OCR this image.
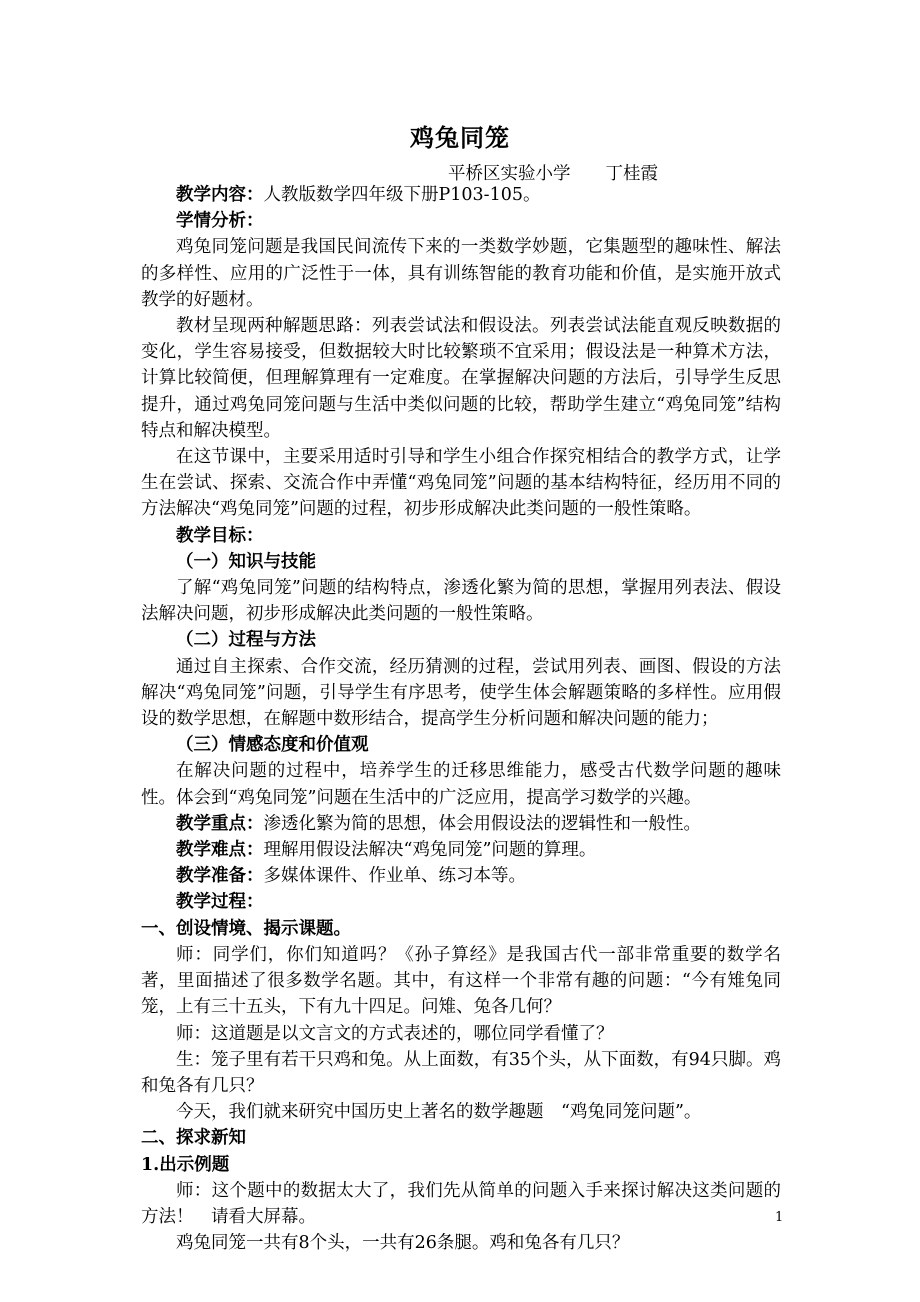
鸡兔同笼
平桥区实验小学　　丁桂霞

教学内容：人教版数学四年级下册P103-105。

学情分析：

鸡兔同笼问题是我国民间流传下来的一类数学妙题，它集题型的趣味性、解法的多样性、应用的广泛性于一体，具有训练智能的教育功能和价值，是实施开放式教学的好题材。

教材呈现两种解题思路：列表尝试法和假设法。列表尝试法能直观反映数据的变化，学生容易接受，但数据较大时比较繁琐不宜采用；假设法是一种算术方法，计算比较简便，但理解算理有一定难度。在掌握解决问题的方法后，引导学生反思提升，通过鸡兔同笼问题与生活中类似问题的比较，帮助学生建立“鸡兔同笼”结构特点和解决模型。

在这节课中，主要采用适时引导和学生小组合作探究相结合的教学方式，让学生在尝试、探索、交流合作中弄懂“鸡兔同笼”问题的基本结构特征，经历用不同的方法解决“鸡兔同笼”问题的过程，初步形成解决此类问题的一般性策略。

教学目标：

（一）知识与技能

了解“鸡兔同笼”问题的结构特点，渗透化繁为简的思想，掌握用列表法、假设法解决问题，初步形成解决此类问题的一般性策略。

（二）过程与方法

通过自主探索、合作交流，经历猜测的过程，尝试用列表、画图、假设的方法解决“鸡兔同笼”问题，引导学生有序思考，使学生体会解题策略的多样性。应用假设的数学思想，在解题中数形结合，提高学生分析问题和解决问题的能力；

（三）情感态度和价值观

在解决问题的过程中，培养学生的迁移思维能力，感受古代数学问题的趣味性。体会到“鸡兔同笼”问题在生活中的广泛应用，提高学习数学的兴趣。

教学重点：渗透化繁为简的思想，体会用假设法的逻辑性和一般性。

教学难点：理解用假设法解决“鸡兔同笼”问题的算理。

教学准备：多媒体课件、作业单、练习本等。

教学过程：

一、创设情境、揭示课题。

师：同学们，你们知道吗？《孙子算经》是我国古代一部非常重要的数学名著，里面描述了很多数学名题。其中，有这样一个非常有趣的问题：“今有雉兔同笼，上有三十五头，下有九十四足。问雉、兔各几何？

师：这道题是以文言文的方式表述的，哪位同学看懂了？

生：笼子里有若干只鸡和兔。从上面数，有35个头，从下面数，有94只脚。鸡和兔各有几只？

今天，我们就来研究中国历史上著名的数学趣题　“鸡兔同笼问题”。

二、探求新知

1.出示例题

师：这个题中的数据太大了，我们先从简单的问题入手来探讨解决这类问题的方法！　请看大屏幕。

鸡兔同笼一共有8个头，一共有26条腿。鸡和兔各有几只？

1
